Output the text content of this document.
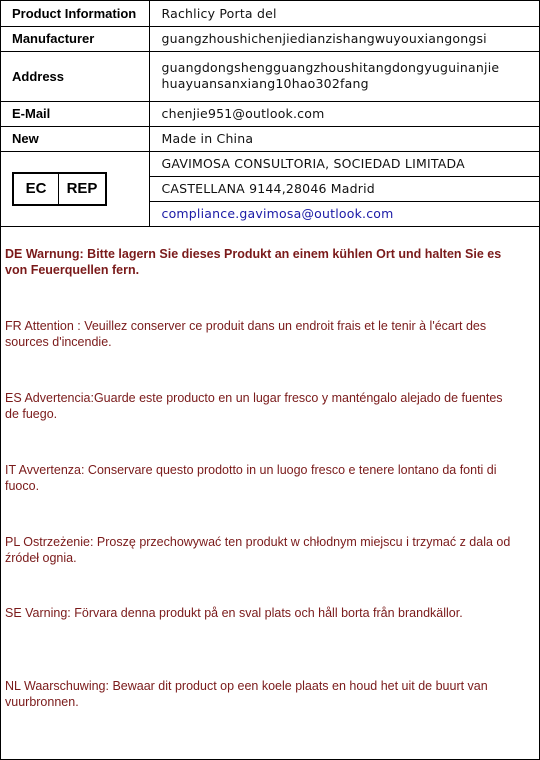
Product Information	Rachlicy Porta del
Manufacturer	guangzhoushichenjiedianzishangwuyouxiangongsi
Address	guangdongshengguangzhoushitangdongyuguinanjie
huayuansanxiang10hao302fang

E-Mail	chenjie951@outlook.com
New	Made in China

EC REP	GAVIMOSA CONSULTORIA, SOCIEDAD LIMITADA
	CASTELLANA 9144,28046 Madrid
	compliance.gavimosa@outlook.com

DE Warnung: Bitte lagern Sie dieses Produkt an einem kühlen Ort und halten Sie es von Feuerquellen fern.

FR Attention : Veuillez conserver ce produit dans un endroit frais et le tenir à l'écart des sources d'incendie.

ES Advertencia:Guarde este producto en un lugar fresco y manténgalo alejado de fuentes de fuego.

IT Avvertenza: Conservare questo prodotto in un luogo fresco e tenere lontano da fonti di fuoco.

PL Ostrzeżenie: Proszę przechowywać ten produkt w chłodnym miejscu i trzymać z dala od źródeł ognia.

SE Varning: Förvara denna produkt på en sval plats och håll borta från brandkällor.

NL Waarschuwing: Bewaar dit product op een koele plaats en houd het uit de buurt van vuurbronnen.
